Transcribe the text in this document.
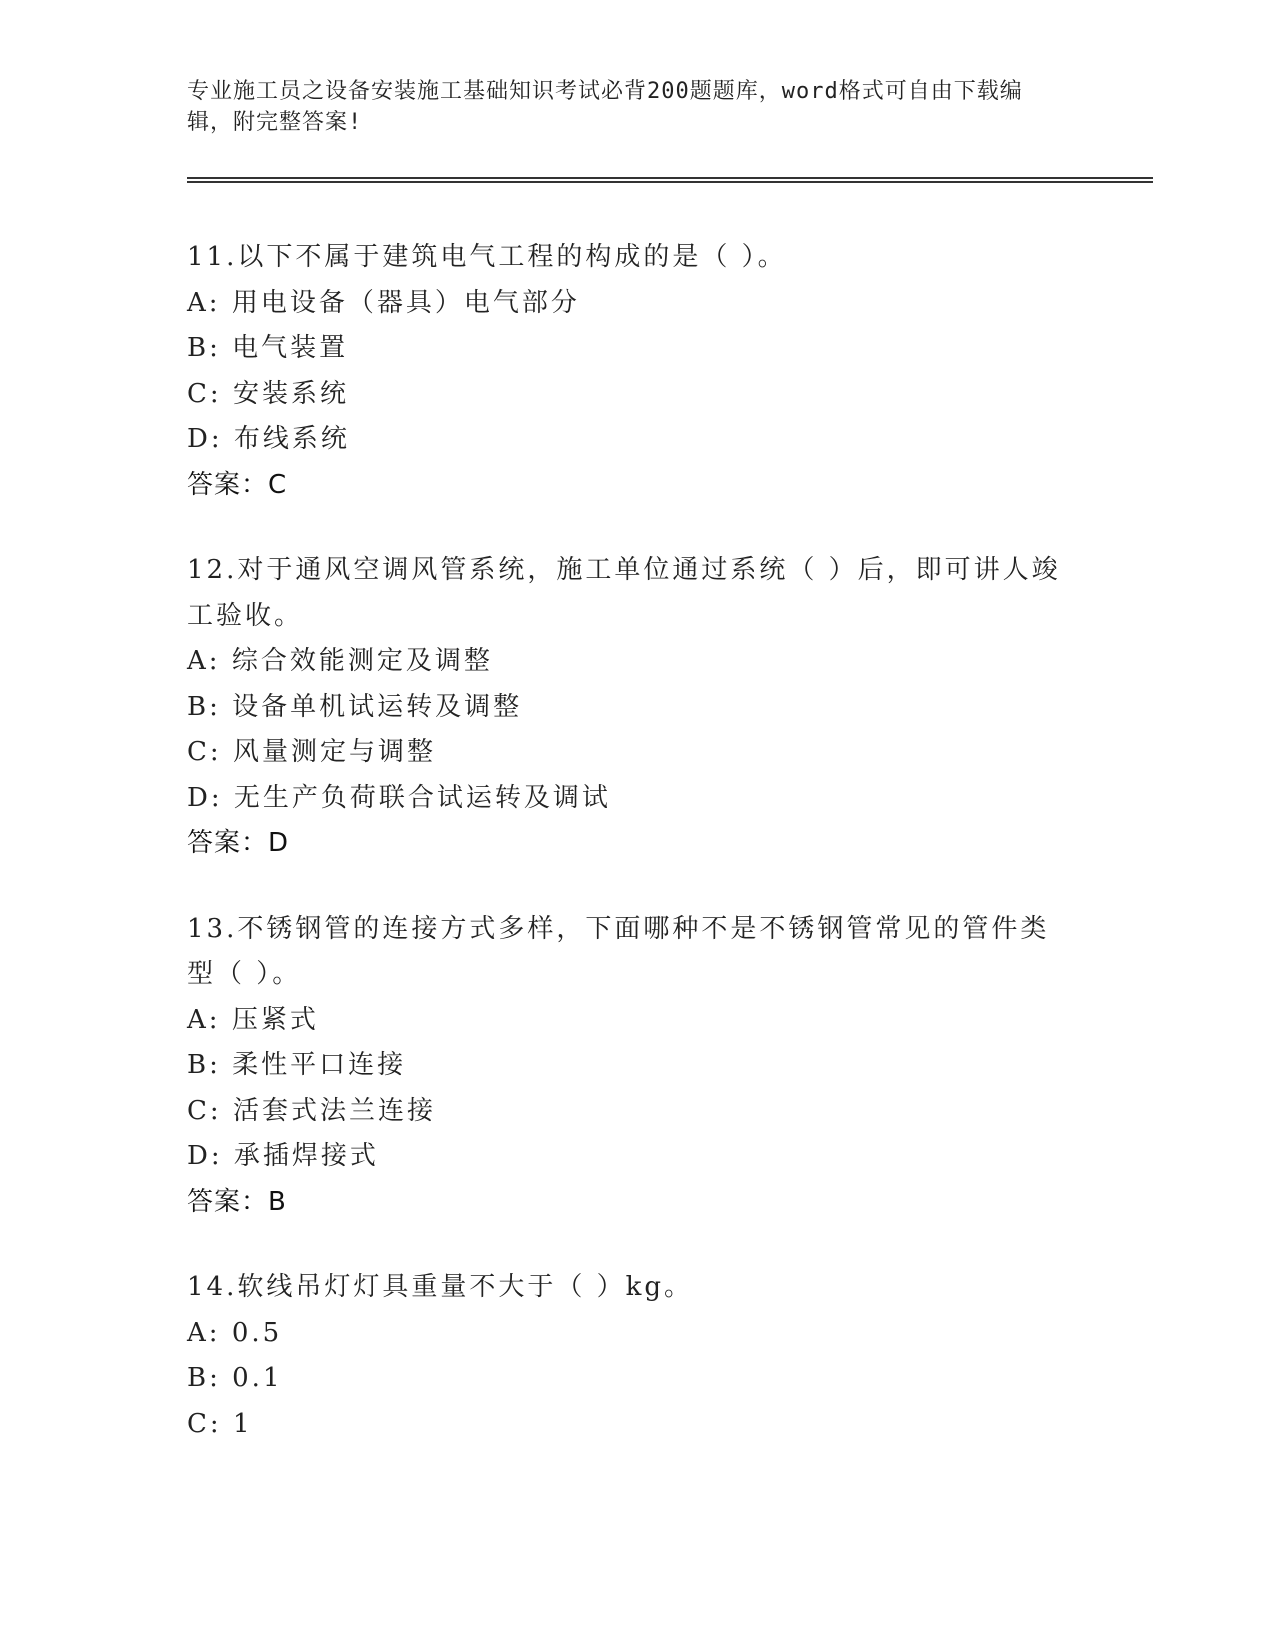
专业施工员之设备安装施工基础知识考试必背200题题库，word格式可自由下载编辑，附完整答案!
11.以下不属于建筑电气工程的构成的是（ ）。
A: 用电设备（器具）电气部分
B: 电气装置
C: 安装系统
D: 布线系统
答案：C
12.对于通风空调风管系统，施工单位通过系统（ ）后，即可讲人竣工验收。
A: 综合效能测定及调整
B: 设备单机试运转及调整
C: 风量测定与调整
D: 无生产负荷联合试运转及调试
答案：D
13.不锈钢管的连接方式多样，下面哪种不是不锈钢管常见的管件类型（ ）。
A: 压紧式
B: 柔性平口连接
C: 活套式法兰连接
D: 承插焊接式
答案：B
14.软线吊灯灯具重量不大于（ ）kg。
A: 0.5
B: 0.1
C: 1
